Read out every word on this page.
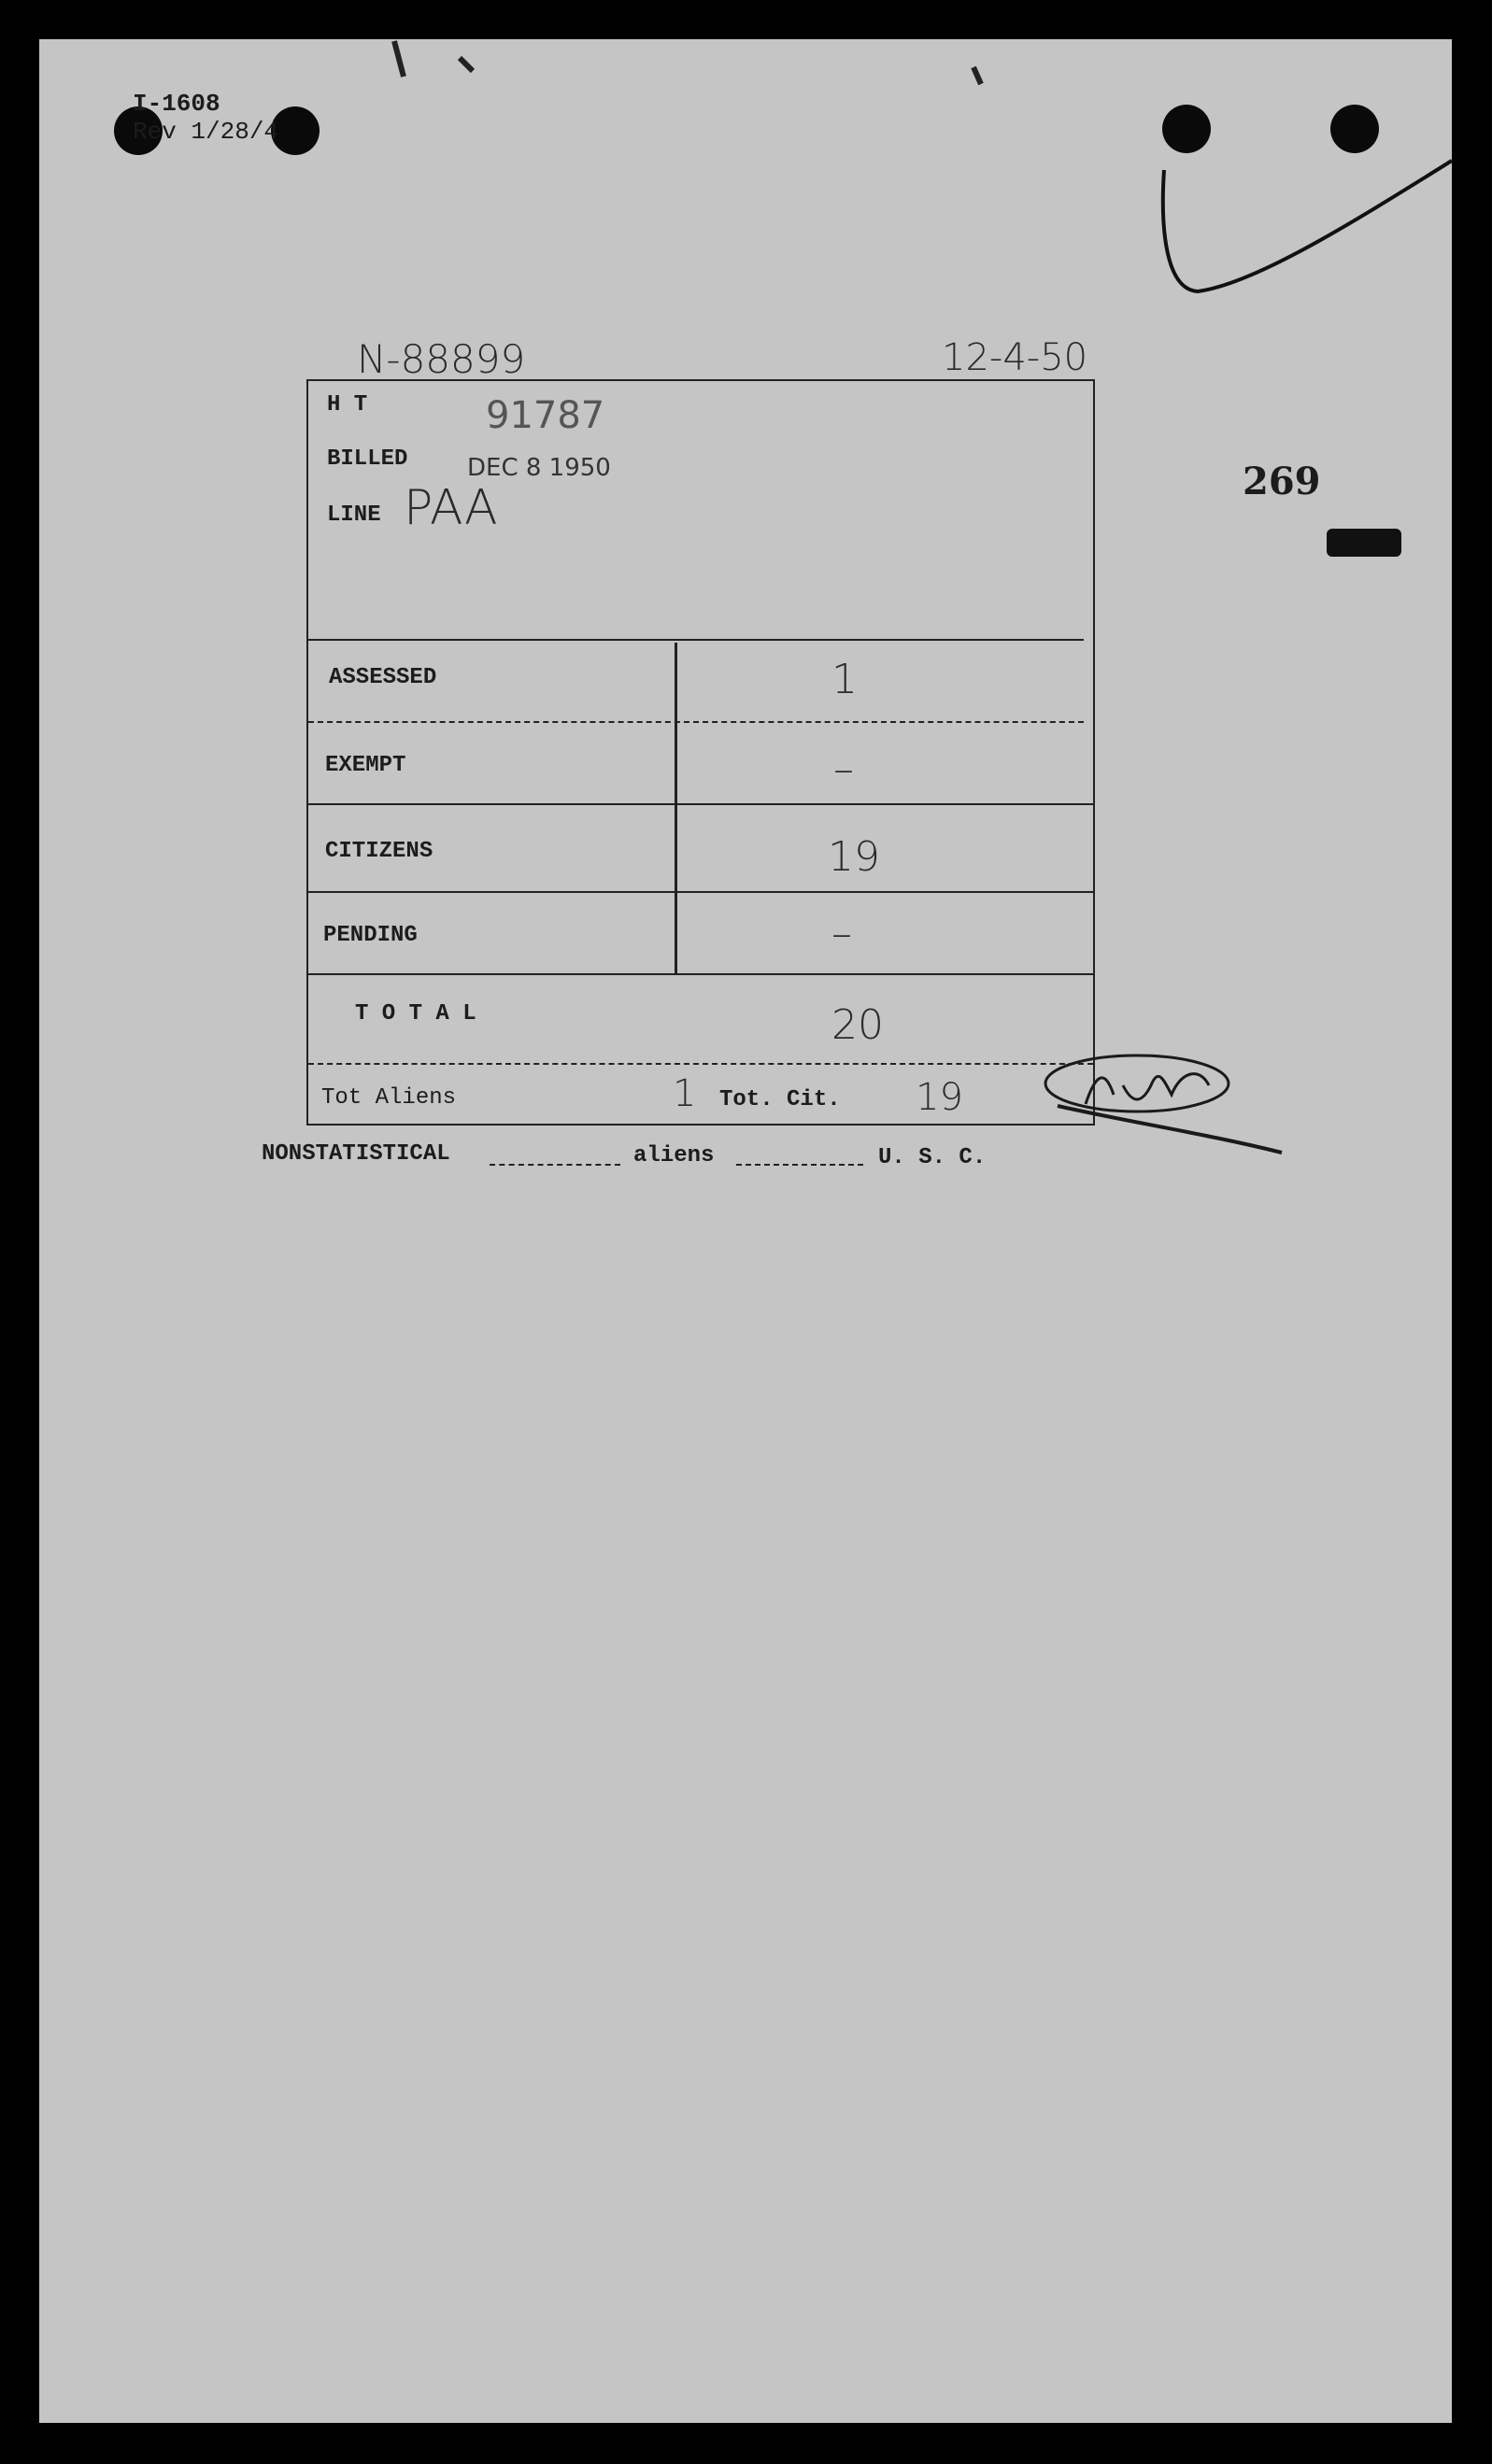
I-1608
Rev 1/28/4
N-88899	12-4-50
269
H T	91787
BILLED DEC 8 1950
LINE PAA
ASSESSED	1
EXEMPT	–
CITIZENS	19
PENDING	–
T O T A L	20
Tot Aliens	1 Tot. Cit. 19
NONSTATISTICAL	aliens	U. S. C.
